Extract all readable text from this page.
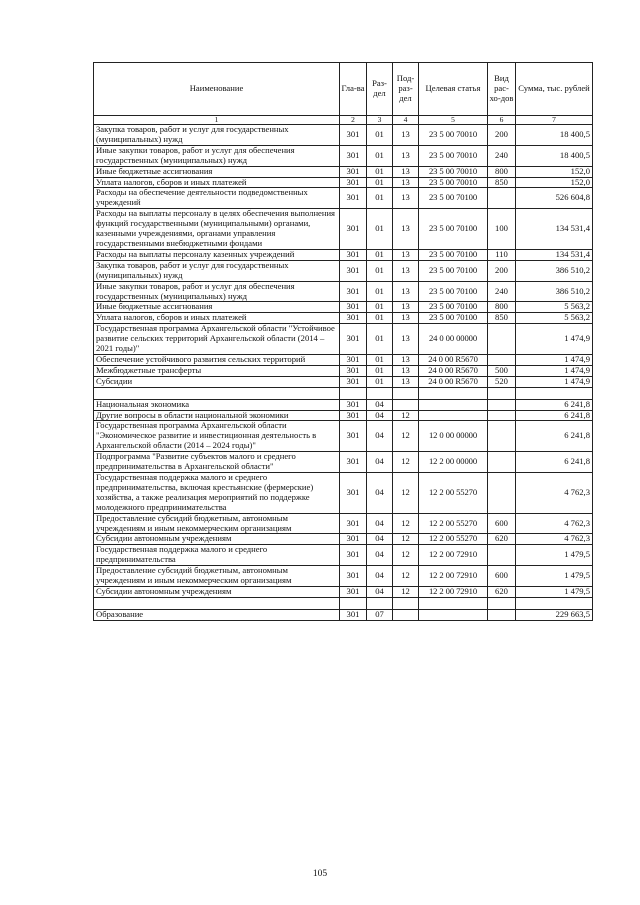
Наименование	Гла-ва	Раз-дел	Под-раз-дел	Целевая статья	Вид рас-хо-дов	Сумма, тыс. рублей
1	2	3	4	5	6	7
Закупка товаров, работ и услуг для государственных (муниципальных) нужд	301	01	13	23 5 00 70010	200	18 400,5
Иные закупки товаров, работ и услуг для обеспечения государственных (муниципальных) нужд	301	01	13	23 5 00 70010	240	18 400,5
Иные бюджетные ассигнования	301	01	13	23 5 00 70010	800	152,0
Уплата налогов, сборов и иных платежей	301	01	13	23 5 00 70010	850	152,0
Расходы на обеспечение деятельности подведомственных учреждений	301	01	13	23 5 00 70100		526 604,8
Расходы на выплаты персоналу в целях обеспечения выполнения функций государственными (муниципальными) органами, казенными учреждениями, органами управления государственными внебюджетными фондами	301	01	13	23 5 00 70100	100	134 531,4
Расходы на выплаты персоналу казенных учреждений	301	01	13	23 5 00 70100	110	134 531,4
Закупка товаров, работ и услуг для государственных (муниципальных) нужд	301	01	13	23 5 00 70100	200	386 510,2
Иные закупки товаров, работ и услуг для обеспечения государственных (муниципальных) нужд	301	01	13	23 5 00 70100	240	386 510,2
Иные бюджетные ассигнования	301	01	13	23 5 00 70100	800	5 563,2
Уплата налогов, сборов и иных платежей	301	01	13	23 5 00 70100	850	5 563,2
Государственная программа Архангельской области "Устойчивое развитие сельских территорий Архангельской области (2014 – 2021 годы)"	301	01	13	24 0 00 00000		1 474,9
Обеспечение устойчивого развития сельских территорий	301	01	13	24 0 00 R5670		1 474,9
Межбюджетные трансферты	301	01	13	24 0 00 R5670	500	1 474,9
Субсидии	301	01	13	24 0 00 R5670	520	1 474,9

Национальная экономика	301	04				6 241,8
Другие вопросы в области национальной экономики	301	04	12			6 241,8
Государственная программа Архангельской области "Экономическое развитие и инвестиционная деятельность в Архангельской области (2014 – 2024 годы)"	301	04	12	12 0 00 00000		6 241,8
Подпрограмма "Развитие субъектов малого и среднего предпринимательства в Архангельской области"	301	04	12	12 2 00 00000		6 241,8
Государственная поддержка малого и среднего предпринимательства, включая крестьянские (фермерские) хозяйства, а также реализация мероприятий по поддержке молодежного предпринимательства	301	04	12	12 2 00 55270		4 762,3
Предоставление субсидий бюджетным, автономным учреждениям и иным некоммерческим организациям	301	04	12	12 2 00 55270	600	4 762,3
Субсидии автономным учреждениям	301	04	12	12 2 00 55270	620	4 762,3
Государственная поддержка малого и среднего предпринимательства	301	04	12	12 2 00 72910		1 479,5
Предоставление субсидий бюджетным, автономным учреждениям и иным некоммерческим организациям	301	04	12	12 2 00 72910	600	1 479,5
Субсидии автономным учреждениям	301	04	12	12 2 00 72910	620	1 479,5

Образование	301	07				229 663,5
105
